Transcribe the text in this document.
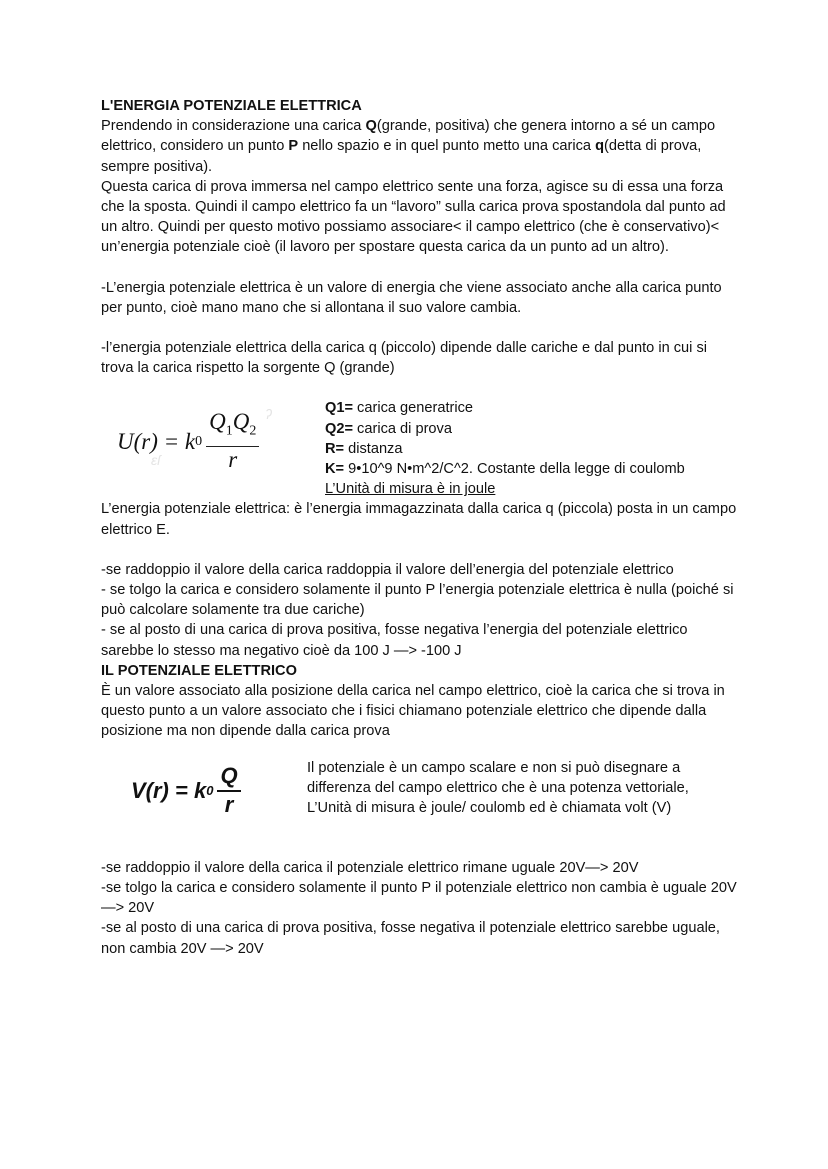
L'ENERGIA POTENZIALE ELETTRICA

Prendendo in considerazione una carica Q(grande, positiva) che genera intorno a sé un campo elettrico, considero un punto P nello spazio e in quel punto metto una carica q(detta di prova, sempre positiva).

Questa carica di prova immersa nel campo elettrico sente una forza, agisce su di essa una forza che la sposta. Quindi il campo elettrico fa un “lavoro” sulla carica prova spostandola dal punto ad un altro. Quindi per questo motivo possiamo associare< il campo elettrico (che è conservativo)< un’energia potenziale cioè (il lavoro per spostare questa carica da un punto ad un altro).

-L’energia potenziale elettrica è un valore di energia che viene associato anche alla carica punto per punto, cioè mano mano che si allontana il suo valore cambia.

-l’energia potenziale elettrica della carica q (piccolo) dipende dalle cariche e dal punto in cui si trova la carica rispetto la sorgente Q (grande)

ʔ
ɛſ
U(r) = k $0 \frac{Q_1Q_2}{r}$

Q1= carica generatrice

Q2= carica di prova

R= distanza

K= 9•10^9 N•m^2/C^2. Costante della legge di coulomb

L’Unità di misura è in joule

L’energia potenziale elettrica: è l’energia immagazzinata dalla carica q (piccola) posta in un campo elettrico E.

-se raddoppio il valore della carica raddoppia il valore dell’energia del potenziale elettrico

- se tolgo la carica e considero solamente il punto P l’energia potenziale elettrica è nulla (poiché si può calcolare solamente tra due cariche)

- se al posto di una carica di prova positiva, fosse negativa l’energia del potenziale elettrico sarebbe lo stesso ma negativo cioè da 100 J —> -100 J

IL POTENZIALE ELETTRICO

È un valore associato alla posizione della carica nel campo elettrico, cioè la carica che si trova in questo punto a un valore associato che i fisici chiamano potenziale elettrico che dipende dalla posizione ma non dipende dalla carica prova

V(r) = k $0 \frac{Q}{r}$	Il potenziale è un campo scalare e non si può disegnare a differenza del campo elettrico che è una potenza vettoriale, L’Unità di misura è joule/ coulomb ed è chiamata volt (V)

-se raddoppio il valore della carica il potenziale elettrico rimane uguale 20V—> 20V

-se tolgo la carica e considero solamente il punto P il potenziale elettrico non cambia è uguale 20V —> 20V

-se al posto di una carica di prova positiva, fosse negativa il potenziale elettrico sarebbe uguale, non cambia 20V —> 20V
